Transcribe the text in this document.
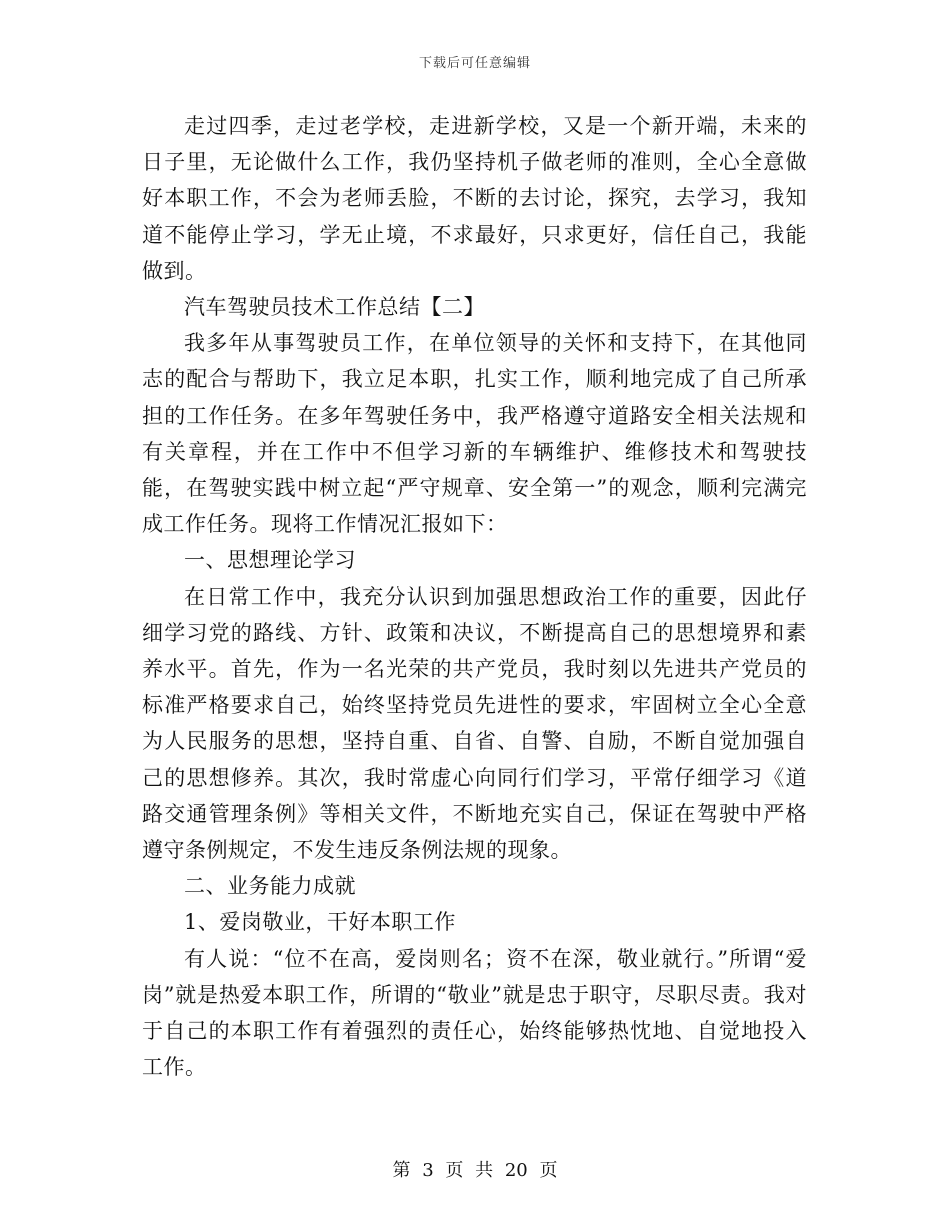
下载后可任意编辑

走过四季，走过老学校，走进新学校，又是一个新开端，未来的日子里，无论做什么工作，我仍坚持机子做老师的准则，全心全意做好本职工作，不会为老师丢脸，不断的去讨论，探究，去学习，我知道不能停止学习，学无止境，不求最好，只求更好，信任自己，我能做到。

汽车驾驶员技术工作总结【二】

我多年从事驾驶员工作，在单位领导的关怀和支持下，在其他同志的配合与帮助下，我立足本职，扎实工作，顺利地完成了自己所承担的工作任务。在多年驾驶任务中，我严格遵守道路安全相关法规和有关章程，并在工作中不但学习新的车辆维护、维修技术和驾驶技能，在驾驶实践中树立起“严守规章、安全第一”的观念，顺利完满完成工作任务。现将工作情况汇报如下：

一、思想理论学习

在日常工作中，我充分认识到加强思想政治工作的重要，因此仔细学习党的路线、方针、政策和决议，不断提高自己的思想境界和素养水平。首先，作为一名光荣的共产党员，我时刻以先进共产党员的标准严格要求自己，始终坚持党员先进性的要求，牢固树立全心全意为人民服务的思想，坚持自重、自省、自警、自励，不断自觉加强自己的思想修养。其次，我时常虚心向同行们学习，平常仔细学习《道路交通管理条例》等相关文件，不断地充实自己，保证在驾驶中严格遵守条例规定，不发生违反条例法规的现象。

二、业务能力成就

1、爱岗敬业，干好本职工作

有人说：“位不在高，爱岗则名；资不在深，敬业就行。”所谓“爱岗”就是热爱本职工作，所谓的“敬业”就是忠于职守，尽职尽责。我对于自己的本职工作有着强烈的责任心，始终能够热忱地、自觉地投入工作。

第 3 页 共 20 页
